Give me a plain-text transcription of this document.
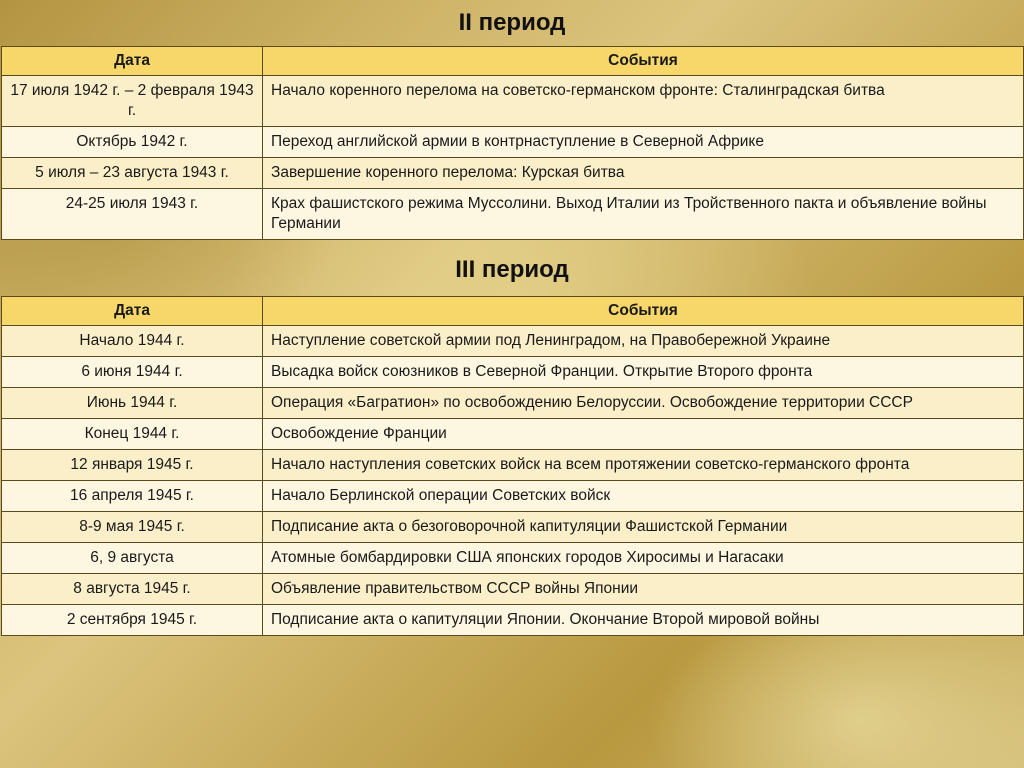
II период
Дата	События
17 июля 1942 г. – 2 февраля 1943 г.	Начало коренного перелома на советско-германском фронте: Сталинградская битва
Октябрь 1942 г.	Переход английской армии в контрнаступление в Северной Африке
5 июля – 23 августа 1943 г.	Завершение коренного перелома: Курская битва
24-25 июля 1943 г.	Крах фашистского режима Муссолини. Выход Италии из Тройственного пакта и объявление войны Германии
III период
Дата	События
Начало 1944 г.	Наступление советской армии под Ленинградом, на Правобережной Украине
6 июня 1944 г.	Высадка войск союзников в Северной Франции. Открытие Второго фронта
Июнь 1944 г.	Операция «Багратион» по освобождению Белоруссии. Освобождение территории СССР
Конец 1944 г.	Освобождение Франции
12 января 1945 г.	Начало наступления советских войск на всем протяжении советско-германского фронта
16 апреля 1945 г.	Начало Берлинской операции Советских войск
8-9 мая 1945 г.	Подписание акта о безоговорочной капитуляции Фашистской Германии
6, 9 августа	Атомные бомбардировки США японских городов Хиросимы и Нагасаки
8 августа 1945 г.	Объявление правительством СССР войны Японии
2 сентября 1945 г.	Подписание акта о капитуляции Японии. Окончание Второй мировой войны
